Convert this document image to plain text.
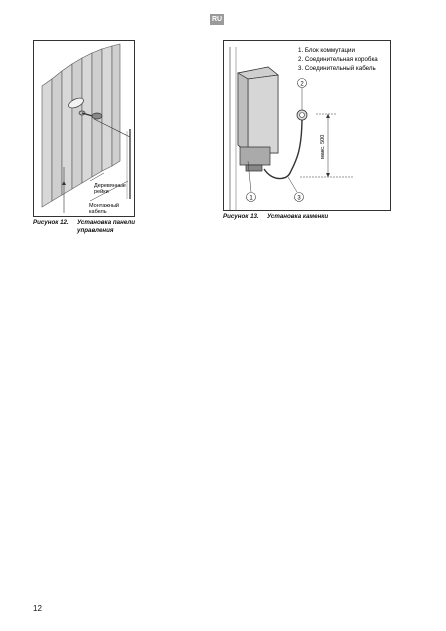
RU
Деревянные
рейки
Монтажный
кабель
Рисунок 12. Установка панели
управления
1. Блок коммутации
2. Соединительная коробка
3. Соединительный кабель
макс. 500
1
2
3
Рисунок 13. Установка каменки
12
